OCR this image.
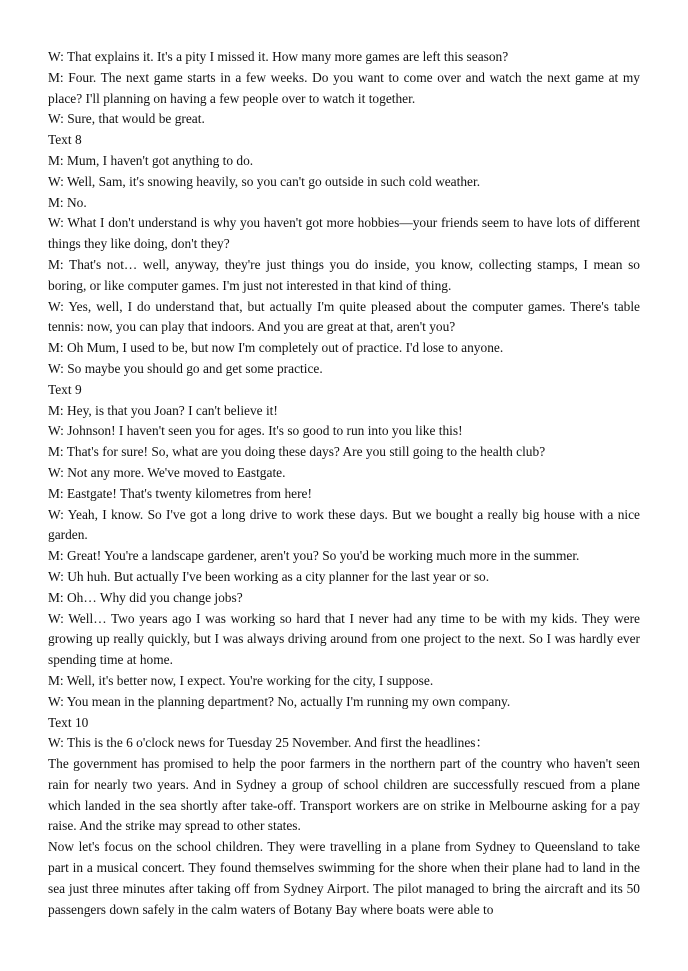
W: That explains it. It's a pity I missed it. How many more games are left this season?

M: Four. The next game starts in a few weeks. Do you want to come over and watch the next game at my place? I'll planning on having a few people over to watch it together.

W: Sure, that would be great.

Text 8

M: Mum, I haven't got anything to do.

W: Well, Sam, it's snowing heavily, so you can't go outside in such cold weather.

M: No.

W: What I don't understand is why you haven't got more hobbies—your friends seem to have lots of different things they like doing, don't they?

M: That's not… well, anyway, they're just things you do inside, you know, collecting stamps, I mean so boring, or like computer games. I'm just not interested in that kind of thing.

W: Yes, well, I do understand that, but actually I'm quite pleased about the computer games. There's table tennis: now, you can play that indoors. And you are great at that, aren't you?

M: Oh Mum, I used to be, but now I'm completely out of practice. I'd lose to anyone.

W: So maybe you should go and get some practice.

Text 9

M: Hey, is that you Joan? I can't believe it!

W: Johnson! I haven't seen you for ages. It's so good to run into you like this!

M: That's for sure! So, what are you doing these days? Are you still going to the health club?

W: Not any more. We've moved to Eastgate.

M: Eastgate! That's twenty kilometres from here!

W: Yeah, I know. So I've got a long drive to work these days. But we bought a really big house with a nice garden.

M: Great! You're a landscape gardener, aren't you? So you'd be working much more in the summer.

W: Uh huh. But actually I've been working as a city planner for the last year or so.

M: Oh… Why did you change jobs?

W: Well… Two years ago I was working so hard that I never had any time to be with my kids. They were growing up really quickly, but I was always driving around from one project to the next. So I was hardly ever spending time at home.

M: Well, it's better now, I expect. You're working for the city, I suppose.

W: You mean in the planning department? No, actually I'm running my own company.

Text 10

W: This is the 6 o'clock news for Tuesday 25 November. And first the headlines：

The government has promised to help the poor farmers in the northern part of the country who haven't seen rain for nearly two years. And in Sydney a group of school children are successfully rescued from a plane which landed in the sea shortly after take-off. Transport workers are on strike in Melbourne asking for a pay raise. And the strike may spread to other states.

Now let's focus on the school children. They were travelling in a plane from Sydney to Queensland to take part in a musical concert. They found themselves swimming for the shore when their plane had to land in the sea just three minutes after taking off from Sydney Airport. The pilot managed to bring the aircraft and its 50 passengers down safely in the calm waters of Botany Bay where boats were able to
